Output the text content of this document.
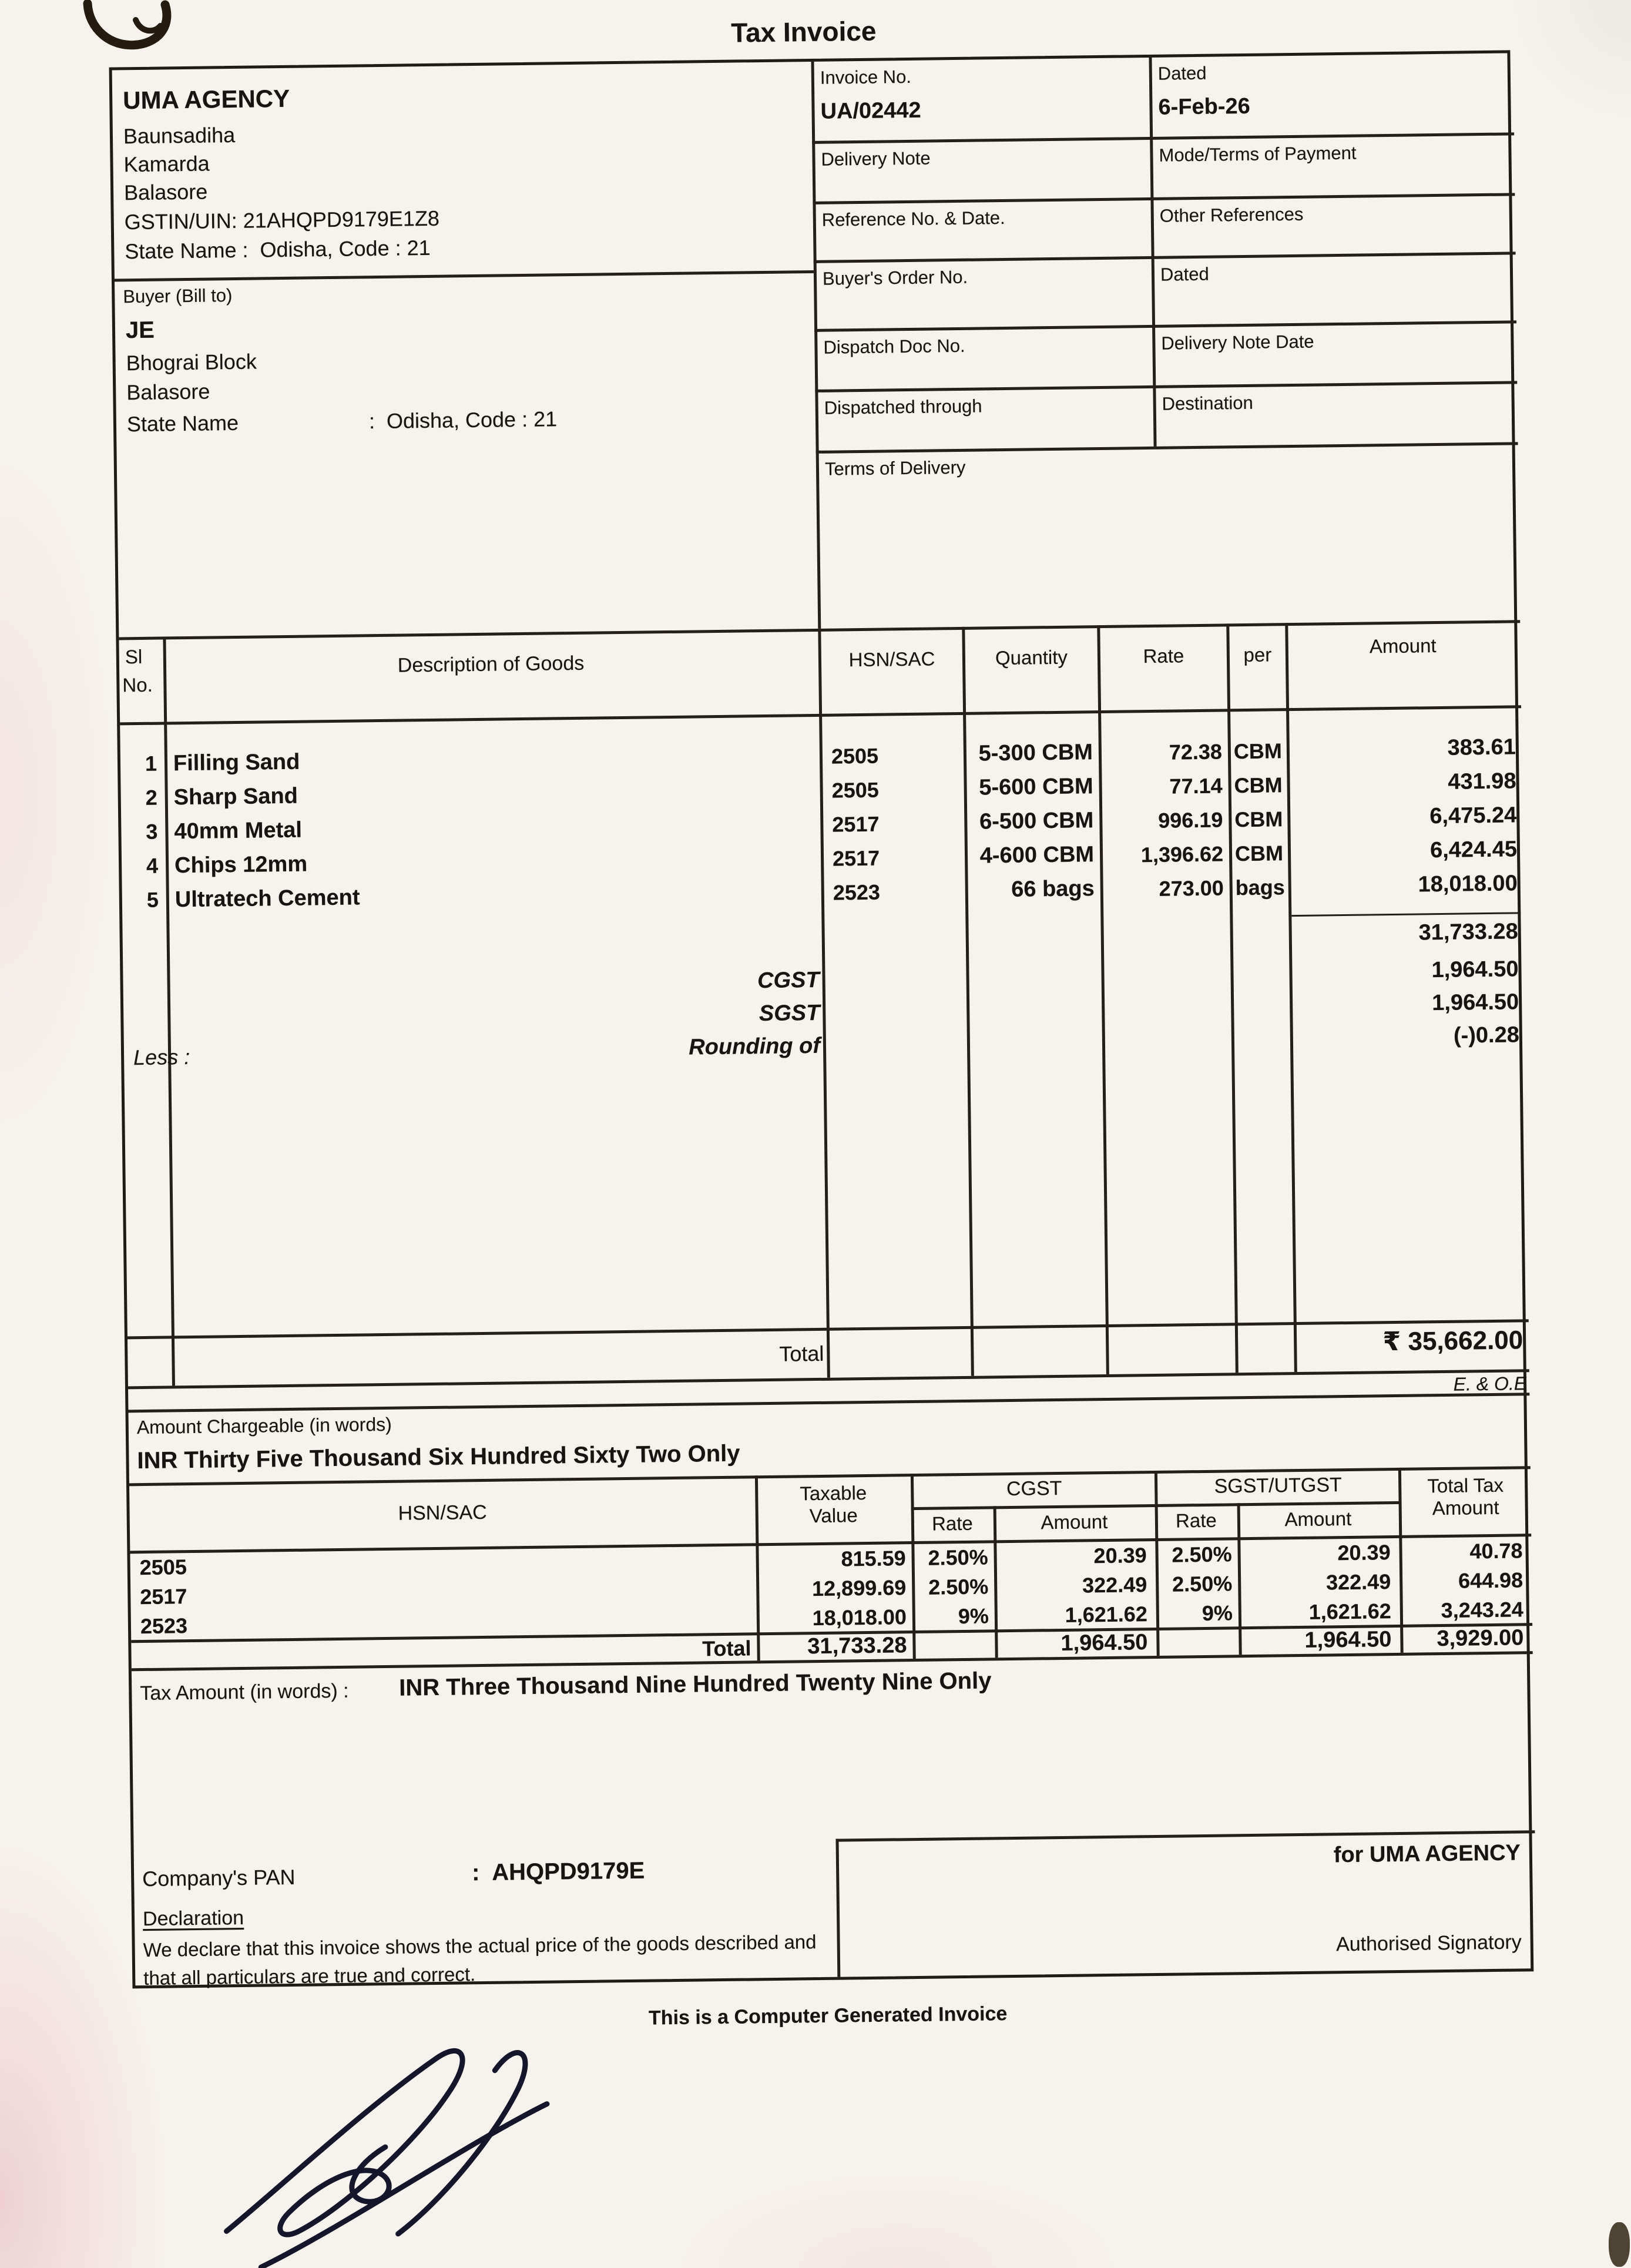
Tax Invoice
UMA AGENCY
Baunsadiha
Kamarda
Balasore
GSTIN/UIN: 21AHQPD9179E1Z8
State Name :  Odisha, Code : 21
Buyer (Bill to)
JE
Bhograi Block
Balasore
State Name	:  Odisha, Code : 21
Invoice No.	Dated
UA/02442	6-Feb-26
Delivery Note	Mode/Terms of Payment
Reference No. & Date.	Other References
Buyer's Order No.	Dated
Dispatch Doc No.	Delivery Note Date
Dispatched through	Destination
Terms of Delivery
Sl
No.
Description of Goods	HSN/SAC	Quantity	Rate	per	Amount
1 Filling Sand	2505	5-300 CBM	72.38 CBM	383.61
2 Sharp Sand	2505	5-600 CBM	77.14 CBM	431.98
3 40mm Metal	2517	6-500 CBM	996.19 CBM	6,475.24
4 Chips 12mm	2517	4-600 CBM	1,396.62 CBM	6,424.45
5 Ultratech Cement	2523	66 bags	273.00 bags	18,018.00
31,733.28
CGST	1,964.50
SGST	1,964.50
Rounding of	(-)0.28
Less :
Total	₹ 35,662.00
E. & O.E
Amount Chargeable (in words)
INR Thirty Five Thousand Six Hundred Sixty Two Only
HSN/SAC
Taxable Value
CGST	SGST/UTGST	Total Tax Amount
Rate	Amount	Rate	Amount
2505	815.59	2.50%	20.39	2.50%	20.39	40.78
2517	12,899.69	2.50%	322.49	2.50%	322.49	644.98
2523	18,018.00	9%	1,621.62	9%	1,621.62	3,243.24
Total	31,733.28	1,964.50	1,964.50	3,929.00
Tax Amount (in words) : INR Three Thousand Nine Hundred Twenty Nine Only
Company's PAN	:  AHQPD9179E
Declaration
We declare that this invoice shows the actual price of the goods described and that all particulars are true and correct.
for UMA AGENCY
Authorised Signatory
This is a Computer Generated Invoice
